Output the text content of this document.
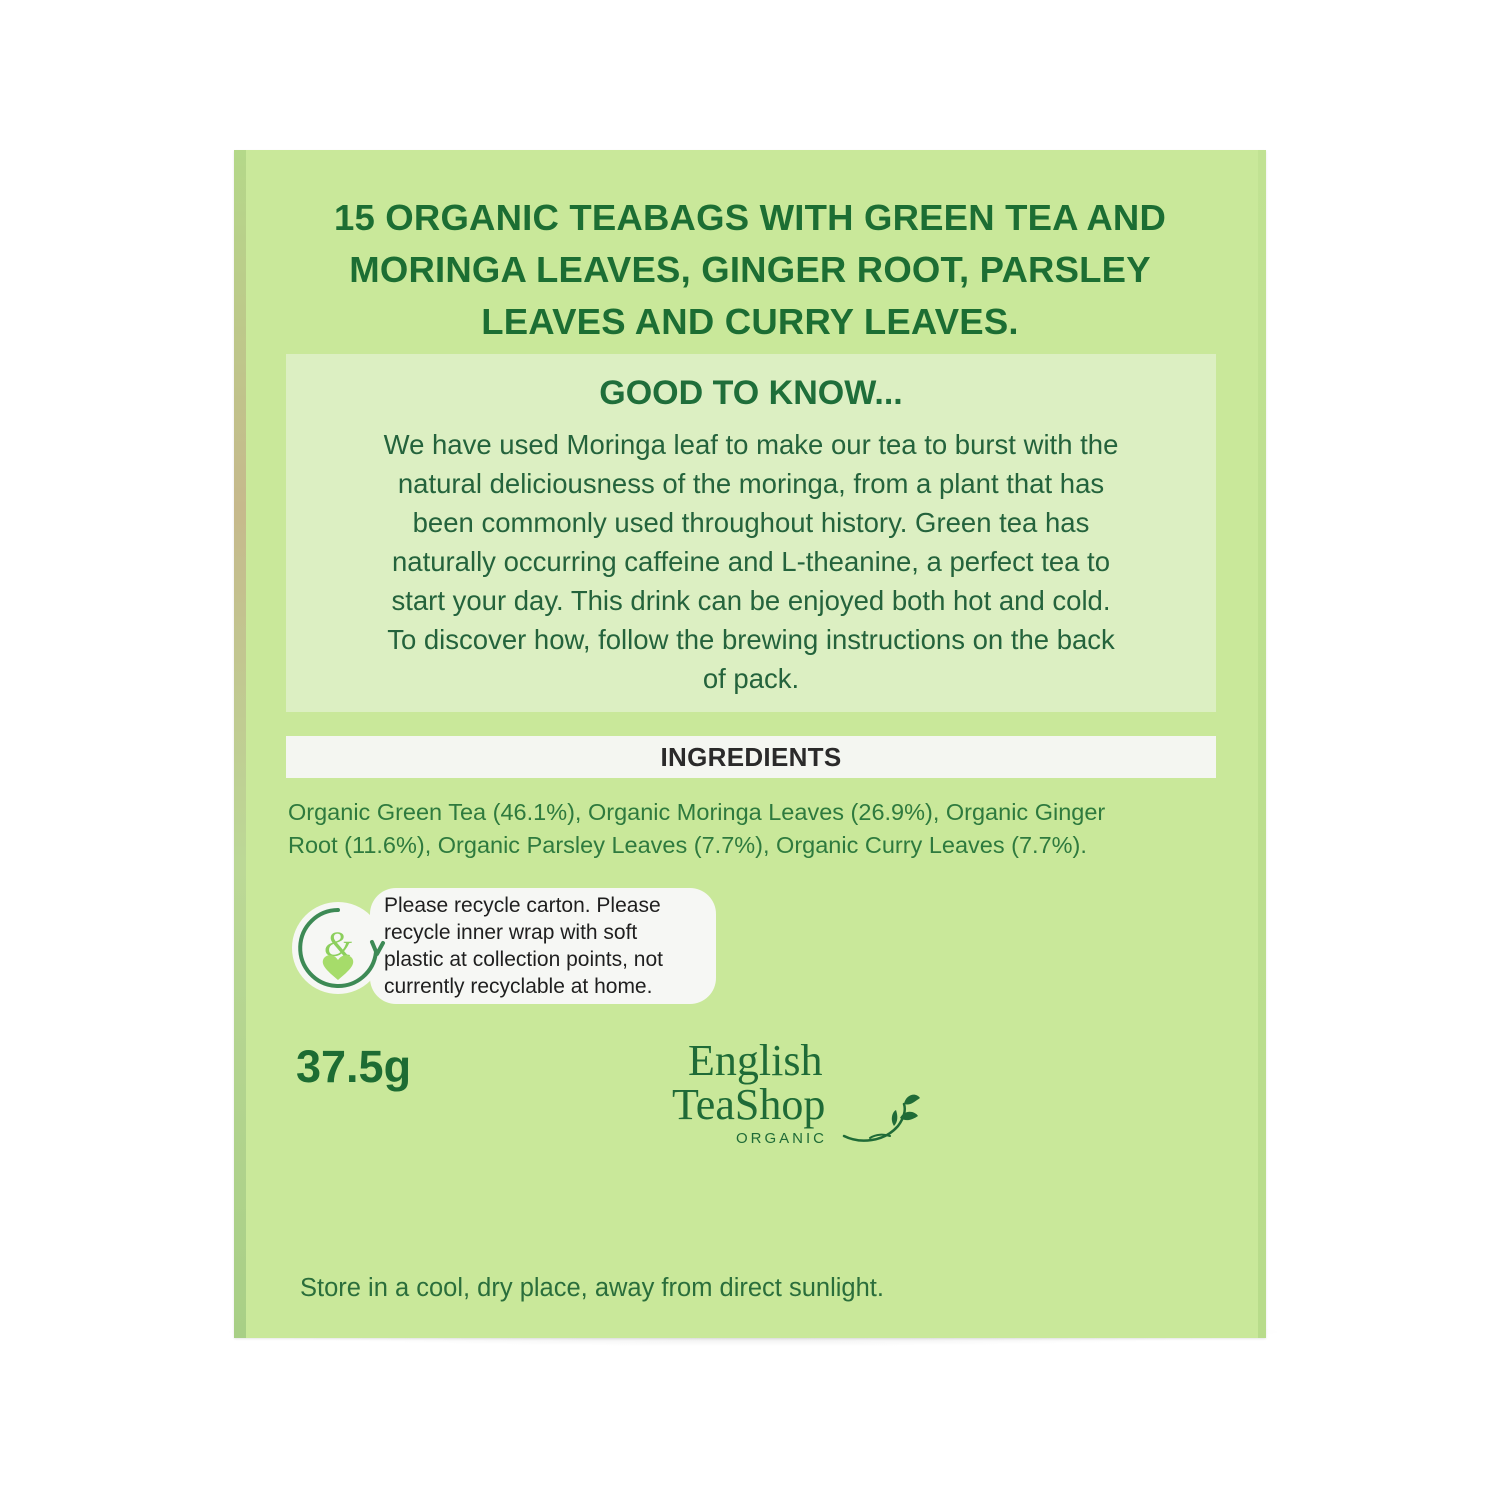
15 ORGANIC TEABAGS WITH GREEN TEA AND
MORINGA LEAVES, GINGER ROOT, PARSLEY
LEAVES AND CURRY LEAVES.
GOOD TO KNOW...

We have used Moringa leaf to make our tea to burst with the
natural deliciousness of the moringa, from a plant that has
been commonly used throughout history. Green tea has
naturally occurring caffeine and L-theanine, a perfect tea to
start your day. This drink can be enjoyed both hot and cold.
To discover how, follow the brewing instructions on the back
of pack.

INGREDIENTS

Organic Green Tea (46.1%), Organic Moringa Leaves (26.9%), Organic Ginger
Root (11.6%), Organic Parsley Leaves (7.7%), Organic Curry Leaves (7.7%).

Please recycle carton. Please
recycle inner wrap with soft
plastic at collection points, not
currently recyclable at home.

&
37.5g	English
TeaShop
ORGANIC
Store in a cool, dry place, away from direct sunlight.
